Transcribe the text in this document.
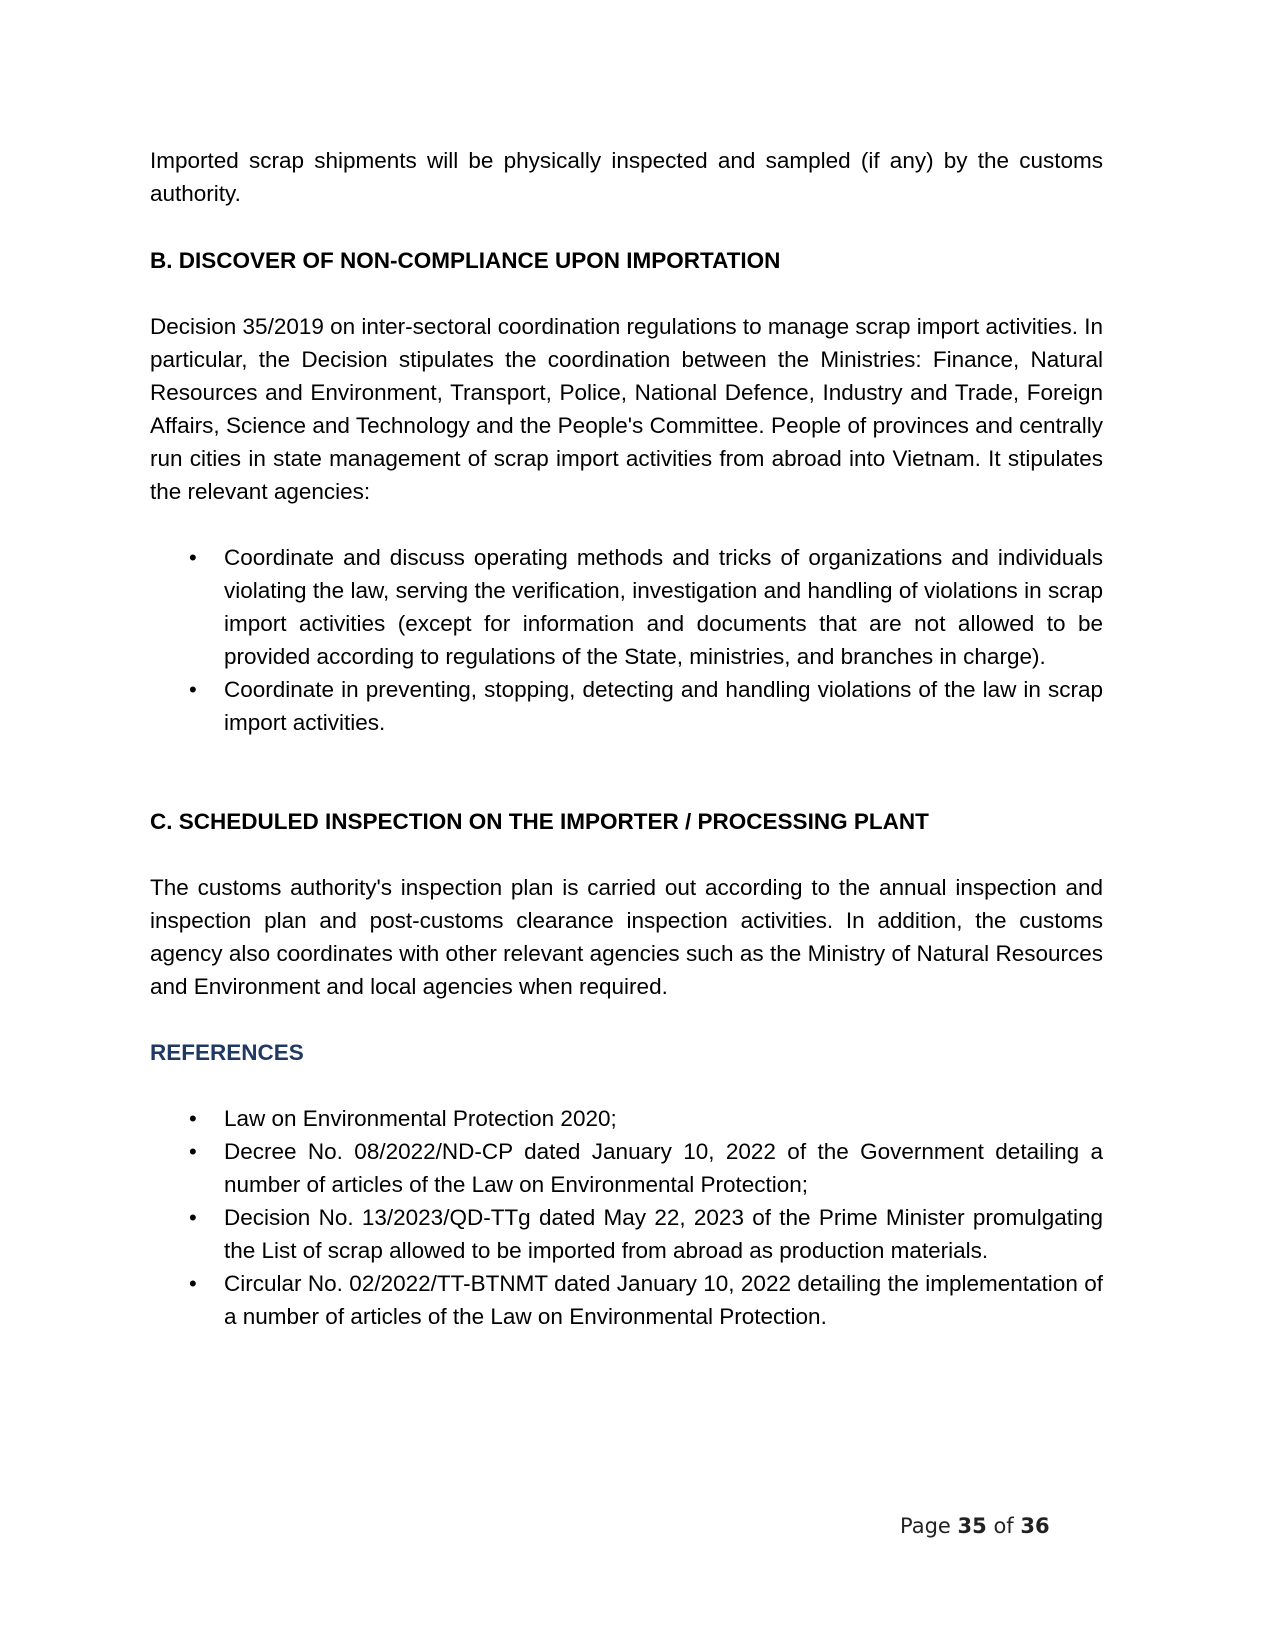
Imported scrap shipments will be physically inspected and sampled (if any) by the customs authority.

B. DISCOVER OF NON-COMPLIANCE UPON IMPORTATION

Decision 35/2019 on inter-sectoral coordination regulations to manage scrap import activities. In particular, the Decision stipulates the coordination between the Ministries: Finance, Natural Resources and Environment, Transport, Police, National Defence, Industry and Trade, Foreign Affairs, Science and Technology and the People's Committee. People of provinces and centrally run cities in state management of scrap import activities from abroad into Vietnam. It stipulates the relevant agencies:

• Coordinate and discuss operating methods and tricks of organizations and individuals violating the law, serving the verification, investigation and handling of violations in scrap import activities (except for information and documents that are not allowed to be provided according to regulations of the State, ministries, and branches in charge).
• Coordinate in preventing, stopping, detecting and handling violations of the law in scrap import activities.
C. SCHEDULED INSPECTION ON THE IMPORTER / PROCESSING PLANT

The customs authority's inspection plan is carried out according to the annual inspection and inspection plan and post-customs clearance inspection activities. In addition, the customs agency also coordinates with other relevant agencies such as the Ministry of Natural Resources and Environment and local agencies when required.

REFERENCES
• Law on Environmental Protection 2020;
• Decree No. 08/2022/ND-CP dated January 10, 2022 of the Government detailing a number of articles of the Law on Environmental Protection;
• Decision No. 13/2023/QD-TTg dated May 22, 2023 of the Prime Minister promulgating the List of scrap allowed to be imported from abroad as production materials.
• Circular No. 02/2022/TT-BTNMT dated January 10, 2022 detailing the implementation of a number of articles of the Law on Environmental Protection.
Page 35 of 36
